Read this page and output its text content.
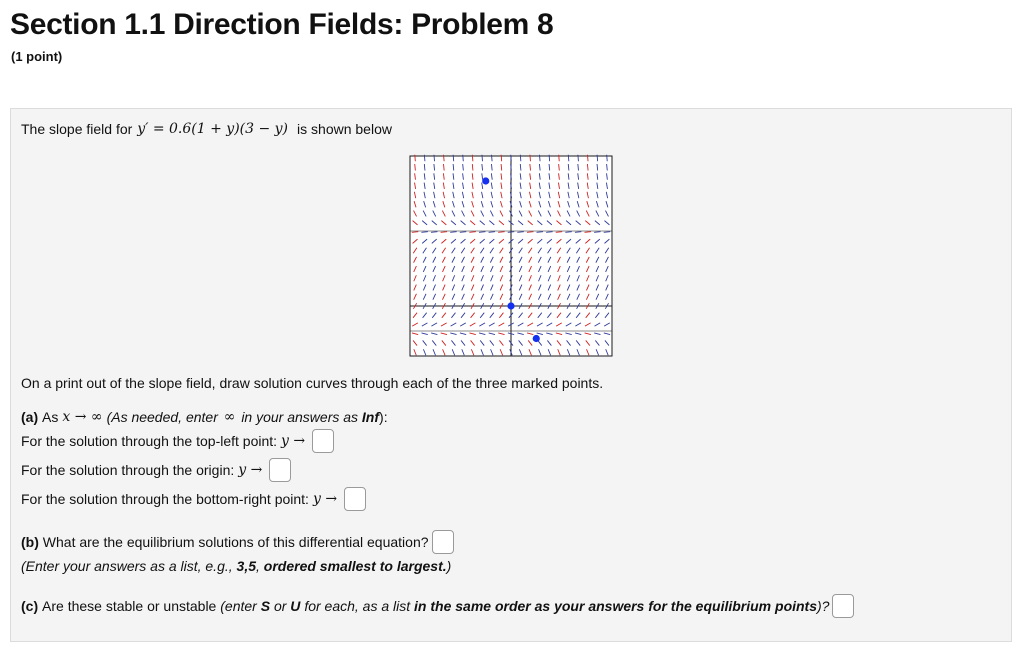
Section 1.1 Direction Fields: Problem 8
(1 point)
The slope field for y′ = 0.6(1 + y)(3 − y) is shown below
On a print out of the slope field, draw solution curves through each of the three marked points.
(a)
As x → ∞ (As needed, enter
∞
in your answers as
Inf ):
For the solution through the top-left point: y →
For the solution through the origin: y →
For the solution through the bottom-right point: y →
(b)
What are the equilibrium solutions of this differential equation?
(Enter your answers as a list, e.g.,
3,5 ,
ordered smallest to largest. )
(c)
Are these stable or unstable
(enter
S
or
U
for each, as a list
in the same order as your answers for the equilibrium points )?
